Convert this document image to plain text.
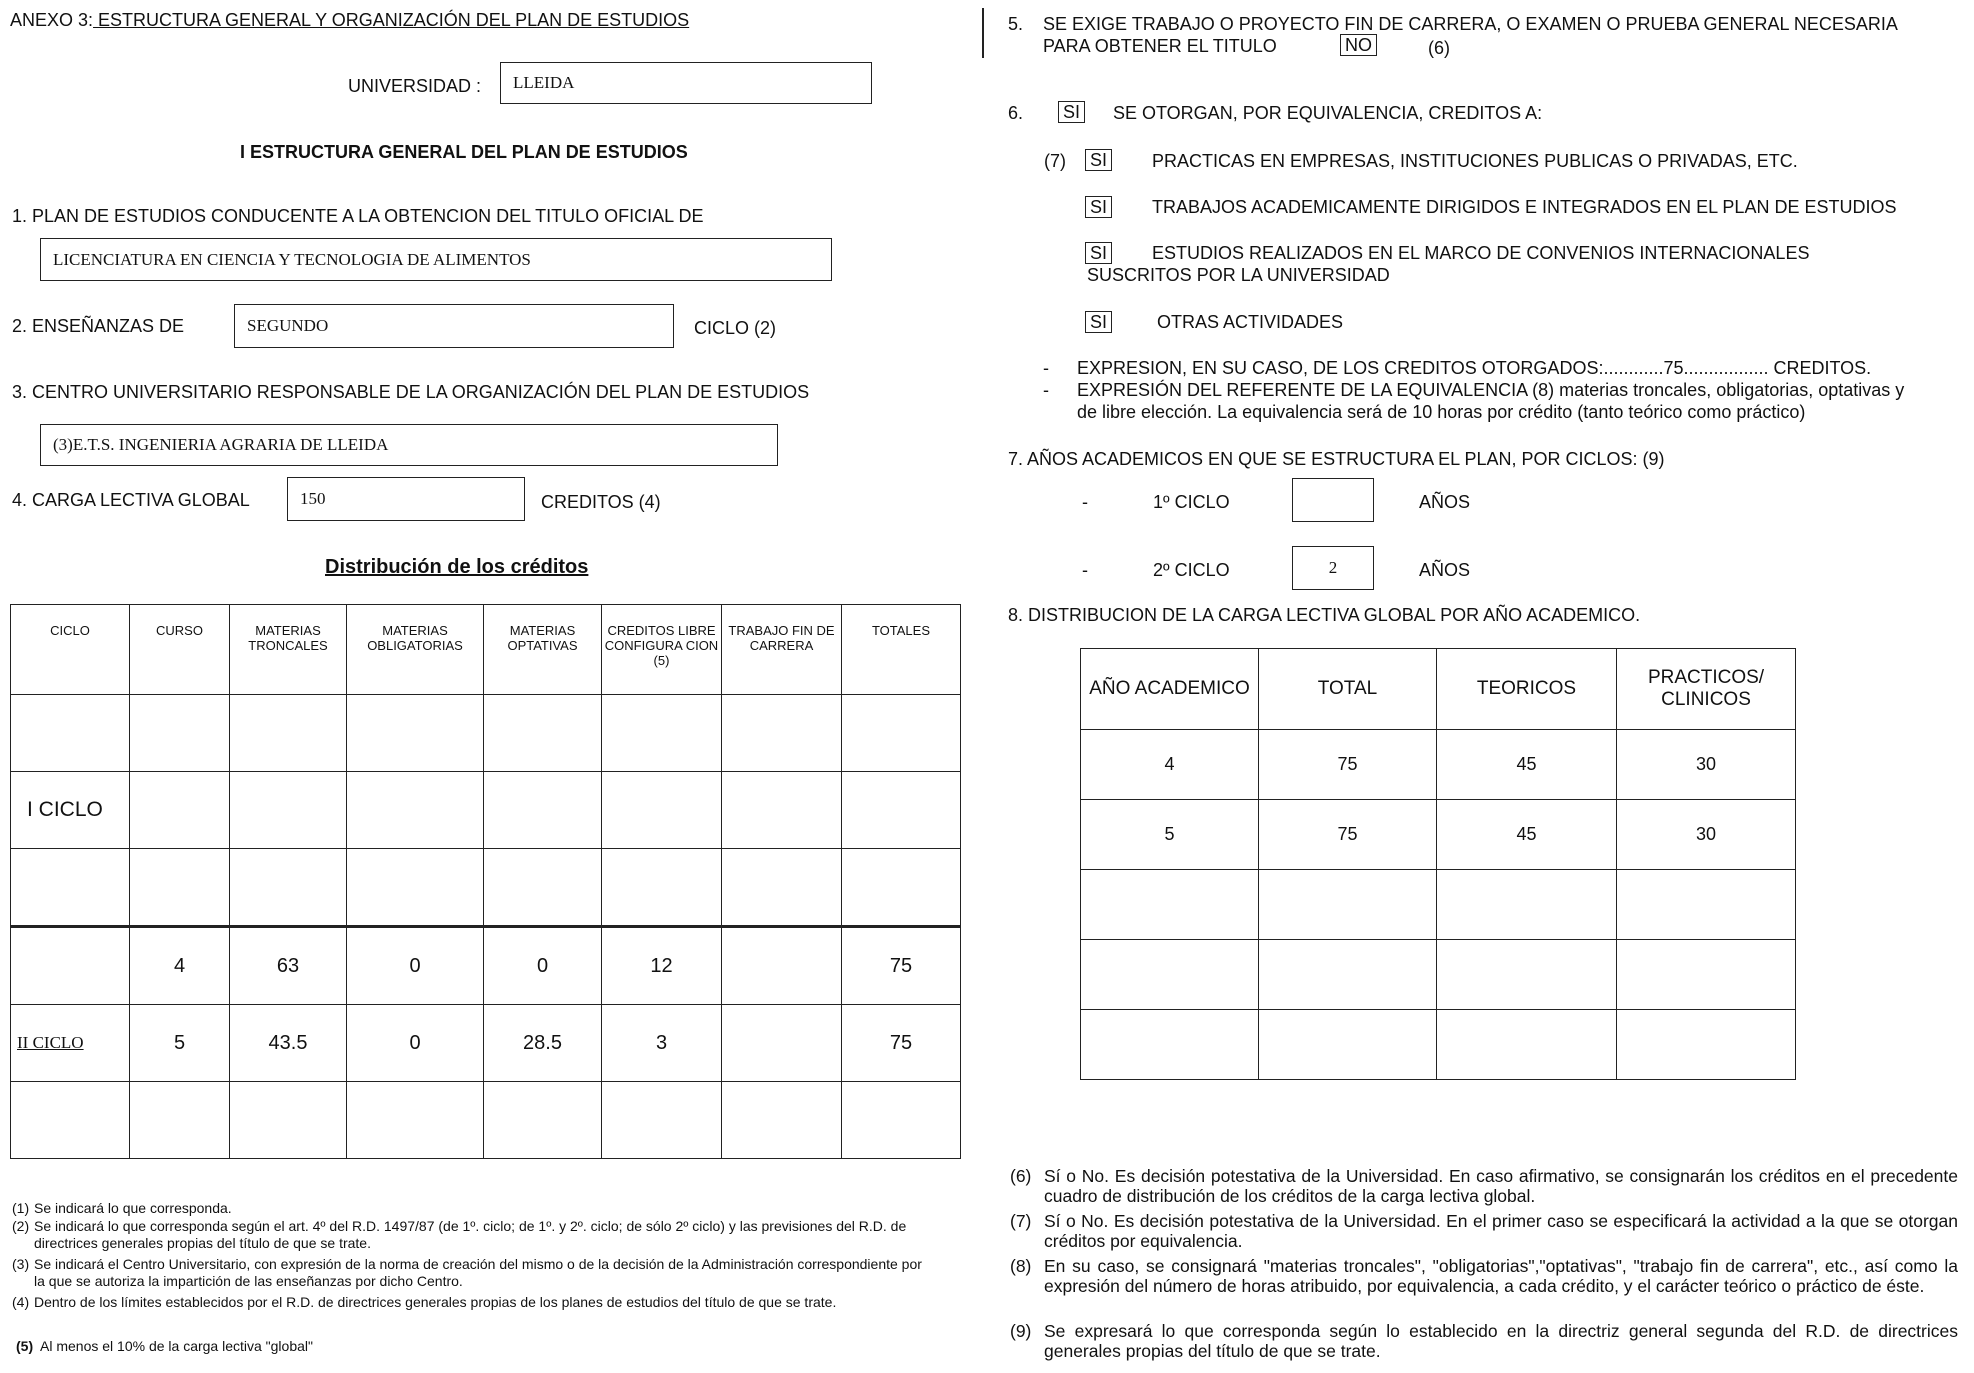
ANEXO 3: ESTRUCTURA GENERAL Y ORGANIZACIÓN DEL PLAN DE ESTUDIOS
UNIVERSIDAD :	LLEIDA
I ESTRUCTURA GENERAL DEL PLAN DE ESTUDIOS
1. PLAN DE ESTUDIOS CONDUCENTE A LA OBTENCION DEL TITULO OFICIAL DE
LICENCIATURA EN CIENCIA Y TECNOLOGIA DE ALIMENTOS
2. ENSEÑANZAS DE	SEGUNDO	CICLO (2)
3. CENTRO UNIVERSITARIO RESPONSABLE DE LA ORGANIZACIÓN DEL PLAN DE ESTUDIOS
(3)E.T.S. INGENIERIA AGRARIA DE LLEIDA
4. CARGA LECTIVA GLOBAL	150	CREDITOS (4)
Distribución de los créditos
CICLO	CURSO	MATERIAS TRONCALES	MATERIAS OBLIGATORIAS	MATERIAS OPTATIVAS	CREDITOS LIBRE CONFIGURA CION (5)	TRABAJO FIN DE CARRERA	TOTALES

I CICLO							

	4	63	0	0	12		75
II CICLO	5	43.5	0	28.5	3		75

(1) Se indicará lo que corresponda.
(2) Se indicará lo que corresponda según el art. 4º del R.D. 1497/87 (de 1º. ciclo; de 1º. y 2º. ciclo; de sólo 2º ciclo) y las previsiones del R.D. de directrices generales propias del título de que se trate.
(3) Se indicará el Centro Universitario, con expresión de la norma de creación del mismo o de la decisión de la Administración correspondiente por la que se autoriza la impartición de las enseñanzas por dicho Centro.
(4) Dentro de los límites establecidos por el R.D. de directrices generales propias de los planes de estudios del título de que se trate.
(5) Al menos el 10% de la carga lectiva "global"
5. SE EXIGE TRABAJO O PROYECTO FIN DE CARRERA, O EXAMEN O PRUEBA GENERAL NECESARIA
PARA OBTENER EL TITULO	NO	(6)
6. SI SE OTORGAN, POR EQUIVALENCIA, CREDITOS A:
(7) SI PRACTICAS EN EMPRESAS, INSTITUCIONES PUBLICAS O PRIVADAS, ETC.
SI TRABAJOS ACADEMICAMENTE DIRIGIDOS E INTEGRADOS EN EL PLAN DE ESTUDIOS
SI ESTUDIOS REALIZADOS EN EL MARCO DE CONVENIOS INTERNACIONALES
SUSCRITOS POR LA UNIVERSIDAD
SI	OTRAS ACTIVIDADES
- EXPRESION, EN SU CASO, DE LOS CREDITOS OTORGADOS:............75................. CREDITOS.
- EXPRESIÓN DEL REFERENTE DE LA EQUIVALENCIA (8) materias troncales, obligatorias, optativas y
de libre elección. La equivalencia será de 10 horas por crédito (tanto teórico como práctico)
7. AÑOS ACADEMICOS EN QUE SE ESTRUCTURA EL PLAN, POR CICLOS: (9)
-	1º CICLO	AÑOS
-	2º CICLO	2	AÑOS
8. DISTRIBUCION DE LA CARGA LECTIVA GLOBAL POR AÑO ACADEMICO.
AÑO ACADEMICO	TOTAL	TEORICOS	PRACTICOS/ CLINICOS
4	75	45	30
5	75	45	30

(6) Sí o No. Es decisión potestativa de la Universidad. En caso afirmativo, se consignarán los créditos en el precedente cuadro de distribución de los créditos de la carga lectiva global.
(7) Sí o No. Es decisión potestativa de la Universidad. En el primer caso se especificará la actividad a la que se otorgan créditos por equivalencia.
(8) En su caso, se consignará "materias troncales", "obligatorias","optativas", "trabajo fin de carrera", etc., así como la expresión del número de horas atribuido, por equivalencia, a cada crédito, y el carácter teórico o práctico de éste.
(9) Se expresará lo que corresponda según lo establecido en la directriz general segunda del R.D. de directrices generales propias del título de que se trate.
